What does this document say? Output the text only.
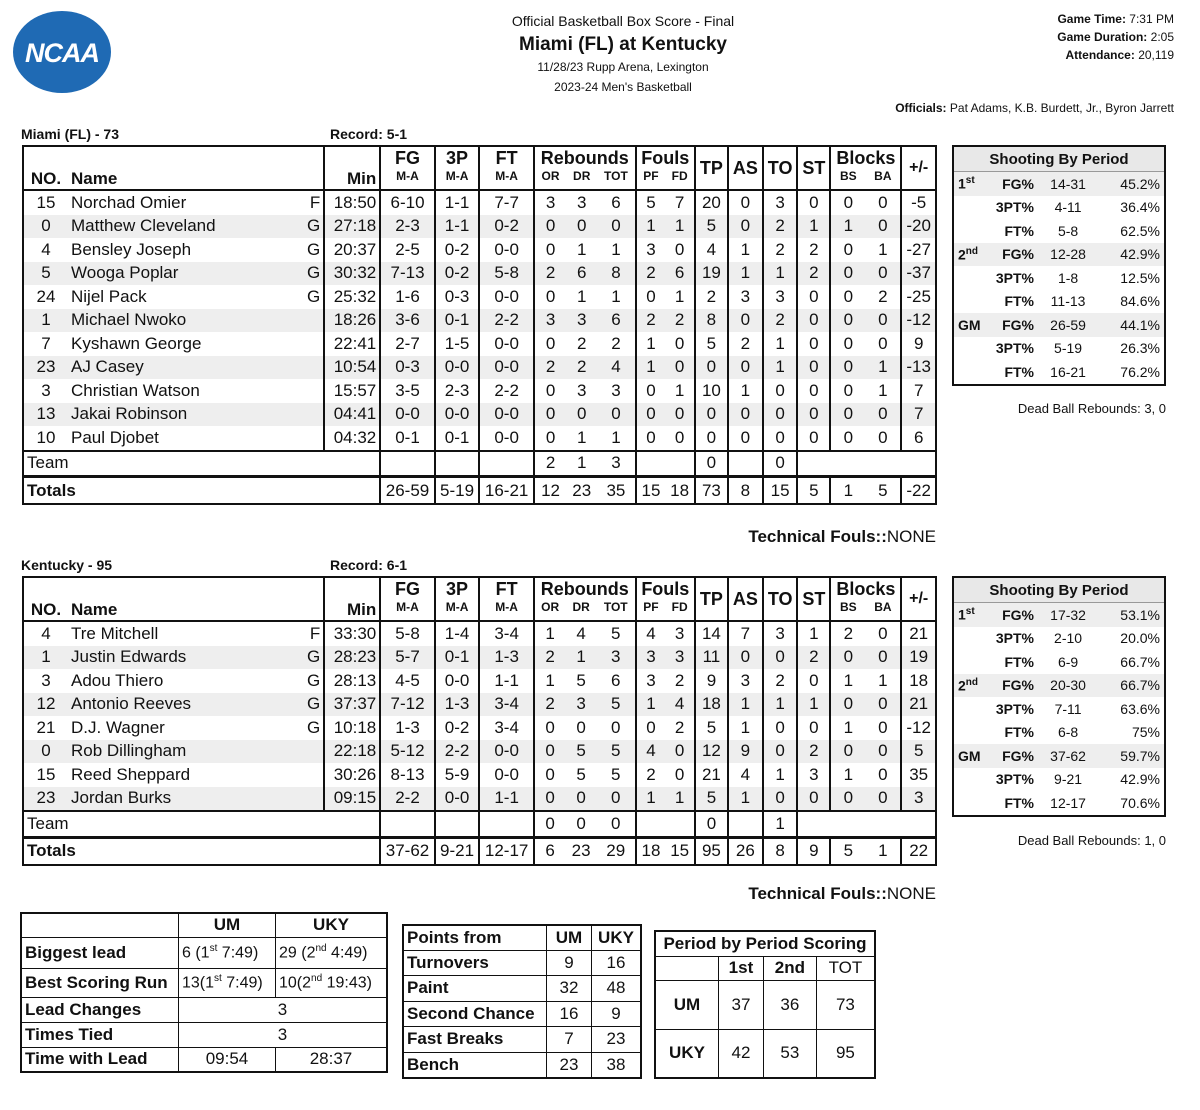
NCAA
Official Basketball Box Score - Final
Miami (FL) at Kentucky
11/28/23 Rupp Arena, Lexington
2023-24 Men's Basketball
Game Time: 7:31 PM
Game Duration: 2:05
Attendance: 20,119
Officials: Pat Adams, K.B. Burdett, Jr., Byron Jarrett
Miami (FL) - 73	Record: 5-1
				FG	3P	FT	Rebounds			Fouls		TP	AS	TO	ST	Blocks		+/-
NO.	Name		Min	M-A	M-A	M-A	OR	DR	TOT	PF	FD					BS	BA	
15	Norchad Omier	F	18:50	6-10	1-1	7-7	3	3	6	5	7	20	0	3	0	0	0	-5
0	Matthew Cleveland	G	27:18	2-3	1-1	0-2	0	0	0	1	1	5	0	2	1	1	0	-20
4	Bensley Joseph	G	20:37	2-5	0-2	0-0	0	1	1	3	0	4	1	2	2	0	1	-27
5	Wooga Poplar	G	30:32	7-13	0-2	5-8	2	6	8	2	6	19	1	1	2	0	0	-37
24	Nijel Pack	G	25:32	1-6	0-3	0-0	0	1	1	0	1	2	3	3	0	0	2	-25
1	Michael Nwoko		18:26	3-6	0-1	2-2	3	3	6	2	2	8	0	2	0	0	0	-12
7	Kyshawn George		22:41	2-7	1-5	0-0	0	2	2	1	0	5	2	1	0	0	0	9
23	AJ Casey		10:54	0-3	0-0	0-0	2	2	4	1	0	0	0	1	0	0	1	-13
3	Christian Watson		15:57	3-5	2-3	2-2	0	3	3	0	1	10	1	0	0	0	1	7
13	Jakai Robinson		04:41	0-0	0-0	0-0	0	0	0	0	0	0	0	0	0	0	0	7
10	Paul Djobet		04:32	0-1	0-1	0-0	0	1	1	0	0	0	0	0	0	0	0	6
Team							2	1	3			0		0				
Totals				26-59	5-19	16-21	12	23	35	15	18	73	8	15	5	1	5	-22
Shooting By Period			
1st	FG%	14-31	45.2%
	3PT%	4-11	36.4%
	FT%	5-8	62.5%
2nd	FG%	12-28	42.9%
	3PT%	1-8	12.5%
	FT%	11-13	84.6%
GM	FG%	26-59	44.1%
	3PT%	5-19	26.3%
	FT%	16-21	76.2%
Dead Ball Rebounds: 3, 0
Technical Fouls::NONE
Kentucky - 95	Record: 6-1
				FG	3P	FT	Rebounds			Fouls		TP	AS	TO	ST	Blocks		+/-
NO.	Name		Min	M-A	M-A	M-A	OR	DR	TOT	PF	FD					BS	BA	
4	Tre Mitchell	F	33:30	5-8	1-4	3-4	1	4	5	4	3	14	7	3	1	2	0	21
1	Justin Edwards	G	28:23	5-7	0-1	1-3	2	1	3	3	3	11	0	0	2	0	0	19
3	Adou Thiero	G	28:13	4-5	0-0	1-1	1	5	6	3	2	9	3	2	0	1	1	18
12	Antonio Reeves	G	37:37	7-12	1-3	3-4	2	3	5	1	4	18	1	1	1	0	0	21
21	D.J. Wagner	G	10:18	1-3	0-2	3-4	0	0	0	0	2	5	1	0	0	1	0	-12
0	Rob Dillingham		22:18	5-12	2-2	0-0	0	5	5	4	0	12	9	0	2	0	0	5
15	Reed Sheppard		30:26	8-13	5-9	0-0	0	5	5	2	0	21	4	1	3	1	0	35
23	Jordan Burks		09:15	2-2	0-0	1-1	0	0	0	1	1	5	1	0	0	0	0	3
Team							0	0	0			0		1				
Totals				37-62	9-21	12-17	6	23	29	18	15	95	26	8	9	5	1	22
Shooting By Period			
1st	FG%	17-32	53.1%
	3PT%	2-10	20.0%
	FT%	6-9	66.7%
2nd	FG%	20-30	66.7%
	3PT%	7-11	63.6%
	FT%	6-8	75%
GM	FG%	37-62	59.7%
	3PT%	9-21	42.9%
	FT%	12-17	70.6%
Dead Ball Rebounds: 1, 0
Technical Fouls::NONE
	UM	UKY
Biggest lead	6 (1st 7:49)	29 (2nd 4:49)
Best Scoring Run	13(1st 7:49)	10(2nd 19:43)
Lead Changes	3	
Times Tied	3	
Time with Lead	09:54	28:37
Points from	UM	UKY
Turnovers	9	16
Paint	32	48
Second Chance	16	9
Fast Breaks	7	23
Bench	23	38
Period by Period Scoring			
	1st	2nd	TOT
UM	37	36	73
UKY	42	53	95
